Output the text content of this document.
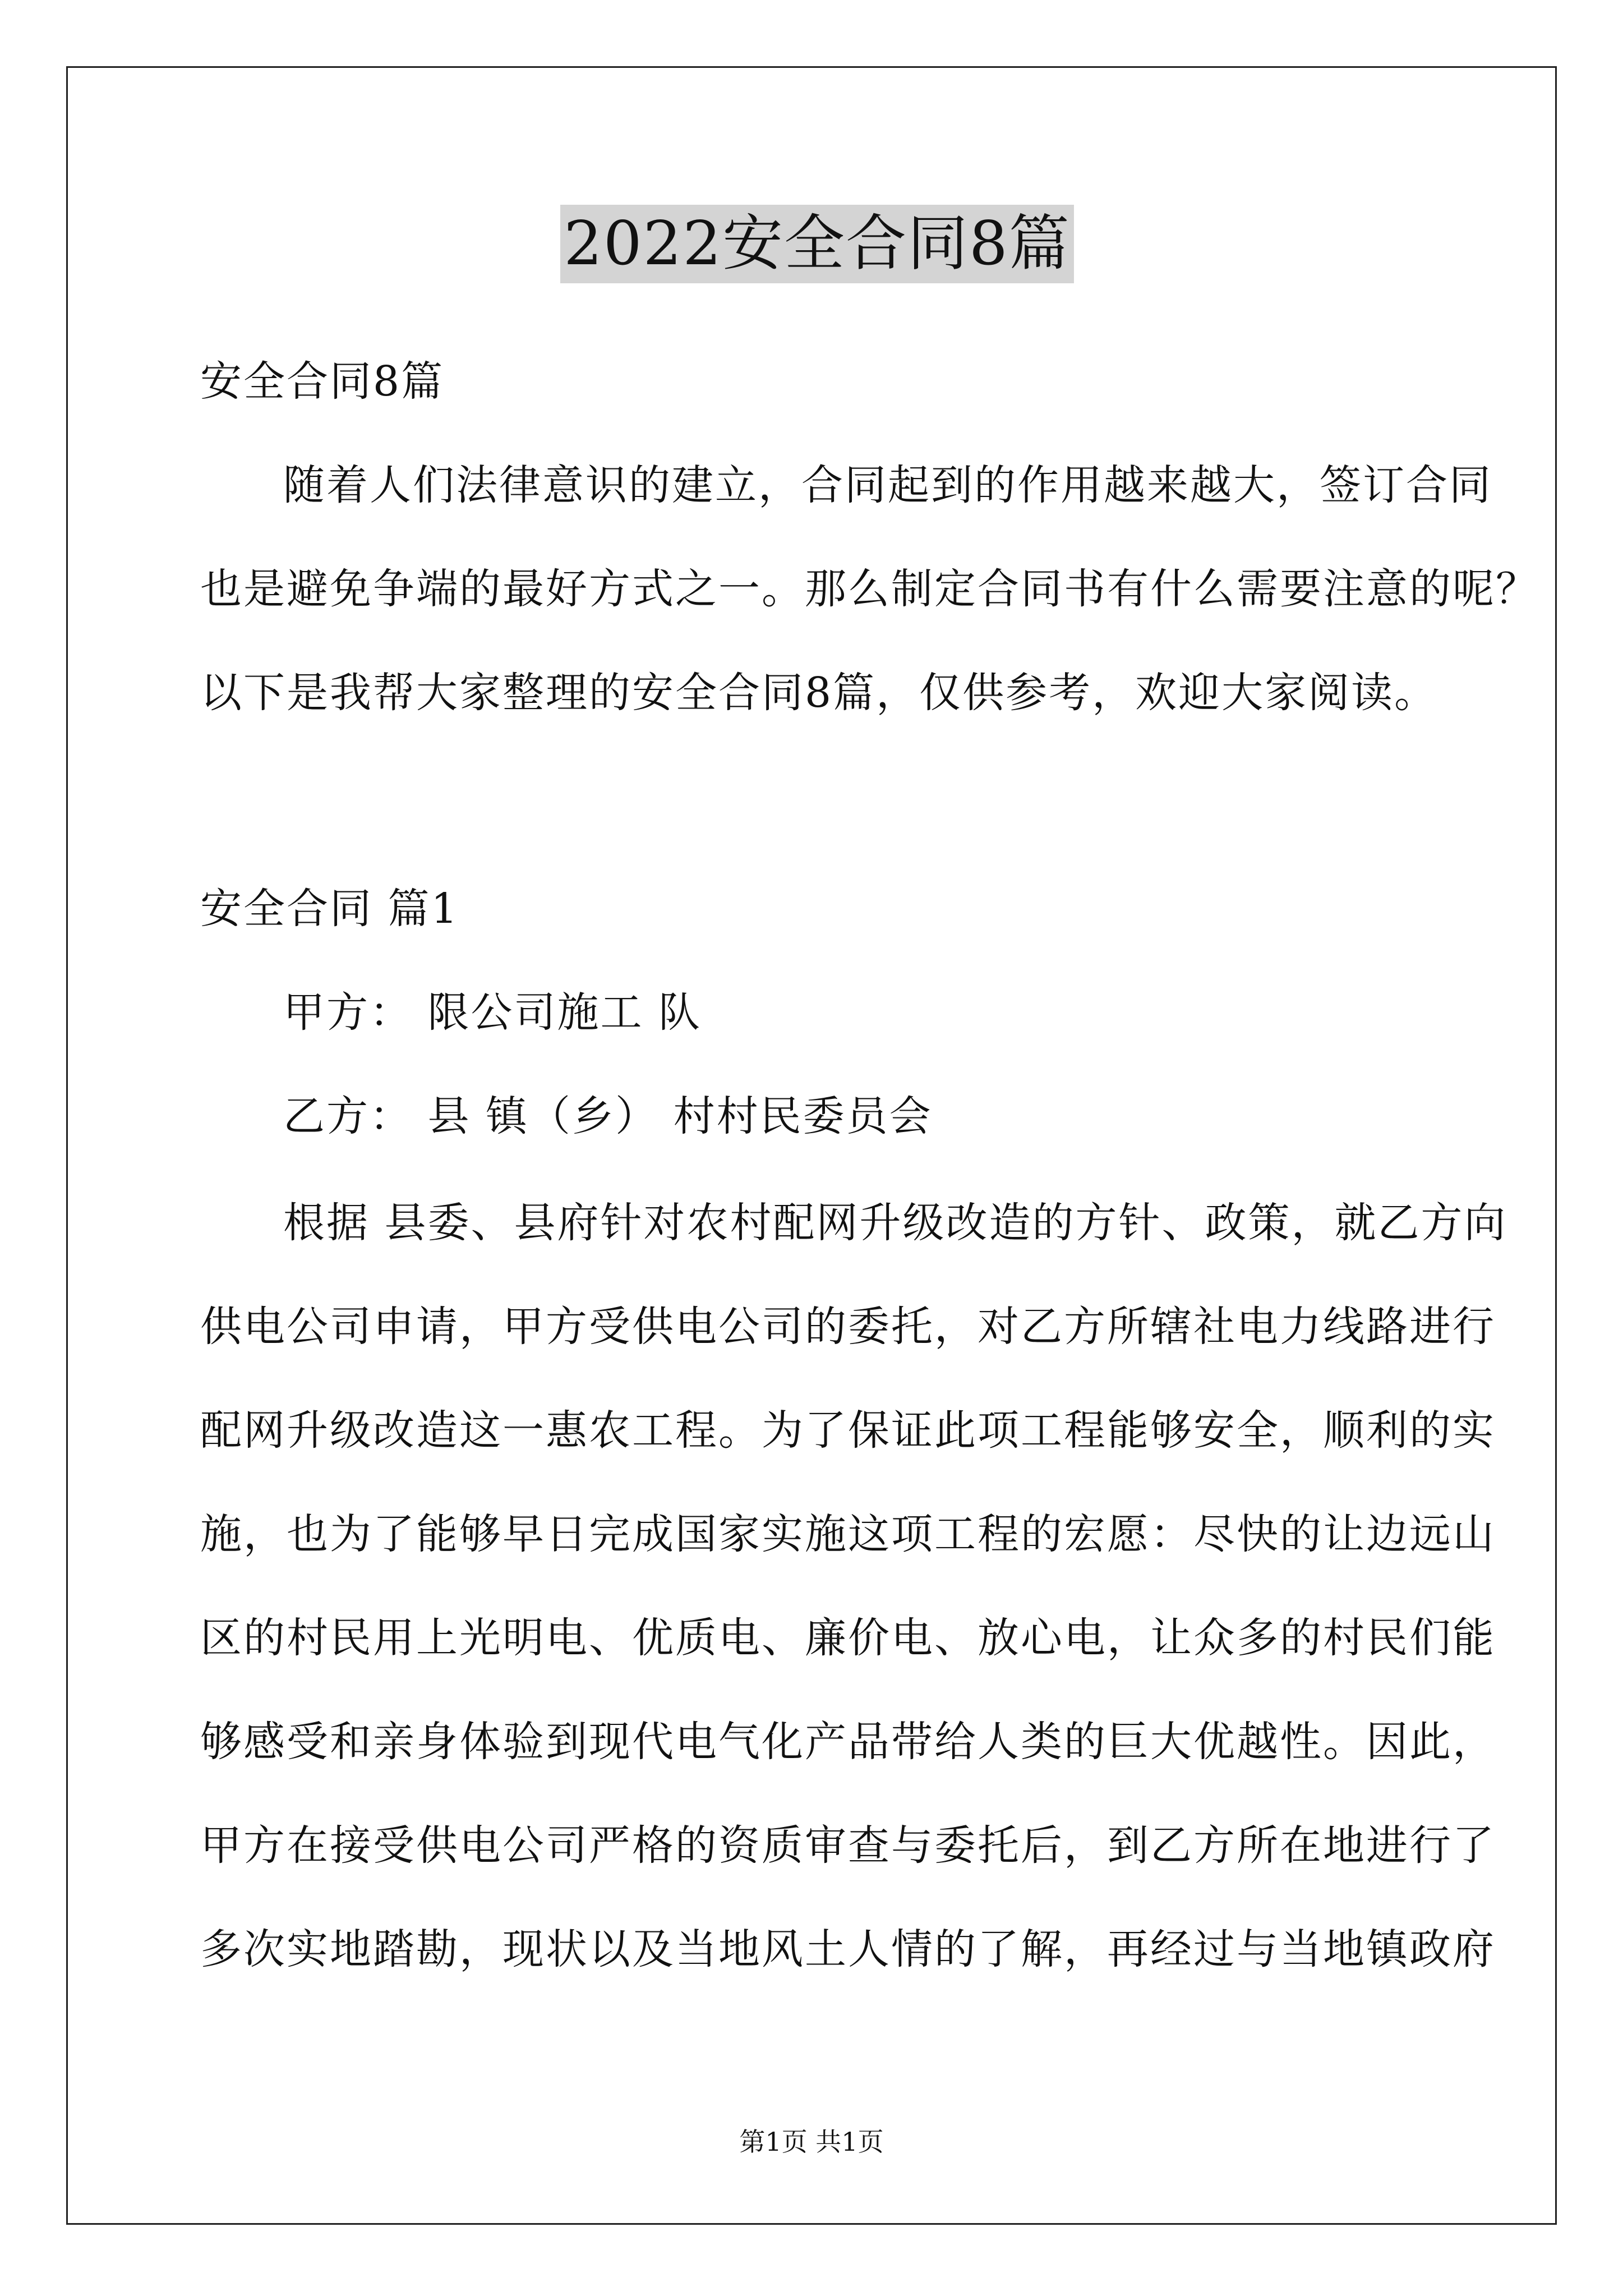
2022安全合同8篇
安全合同8篇
随着人们法律意识的建立，合同起到的作用越来越大，签订合同
也是避免争端的最好方式之一。那么制定合同书有什么需要注意的呢？
以下是我帮大家整理的安全合同8篇，仅供参考，欢迎大家阅读。
安全合同 篇1
甲方： 限公司施工 队
乙方： 县 镇（乡） 村村民委员会
根据 县委、县府针对农村配网升级改造的方针、政策，就乙方向
供电公司申请，甲方受供电公司的委托，对乙方所辖社电力线路进行
配网升级改造这一惠农工程。为了保证此项工程能够安全，顺利的实
施，也为了能够早日完成国家实施这项工程的宏愿：尽快的让边远山
区的村民用上光明电、优质电、廉价电、放心电，让众多的村民们能
够感受和亲身体验到现代电气化产品带给人类的巨大优越性。因此，
甲方在接受供电公司严格的资质审查与委托后，到乙方所在地进行了
多次实地踏勘，现状以及当地风土人情的了解，再经过与当地镇政府
第1页 共1页
